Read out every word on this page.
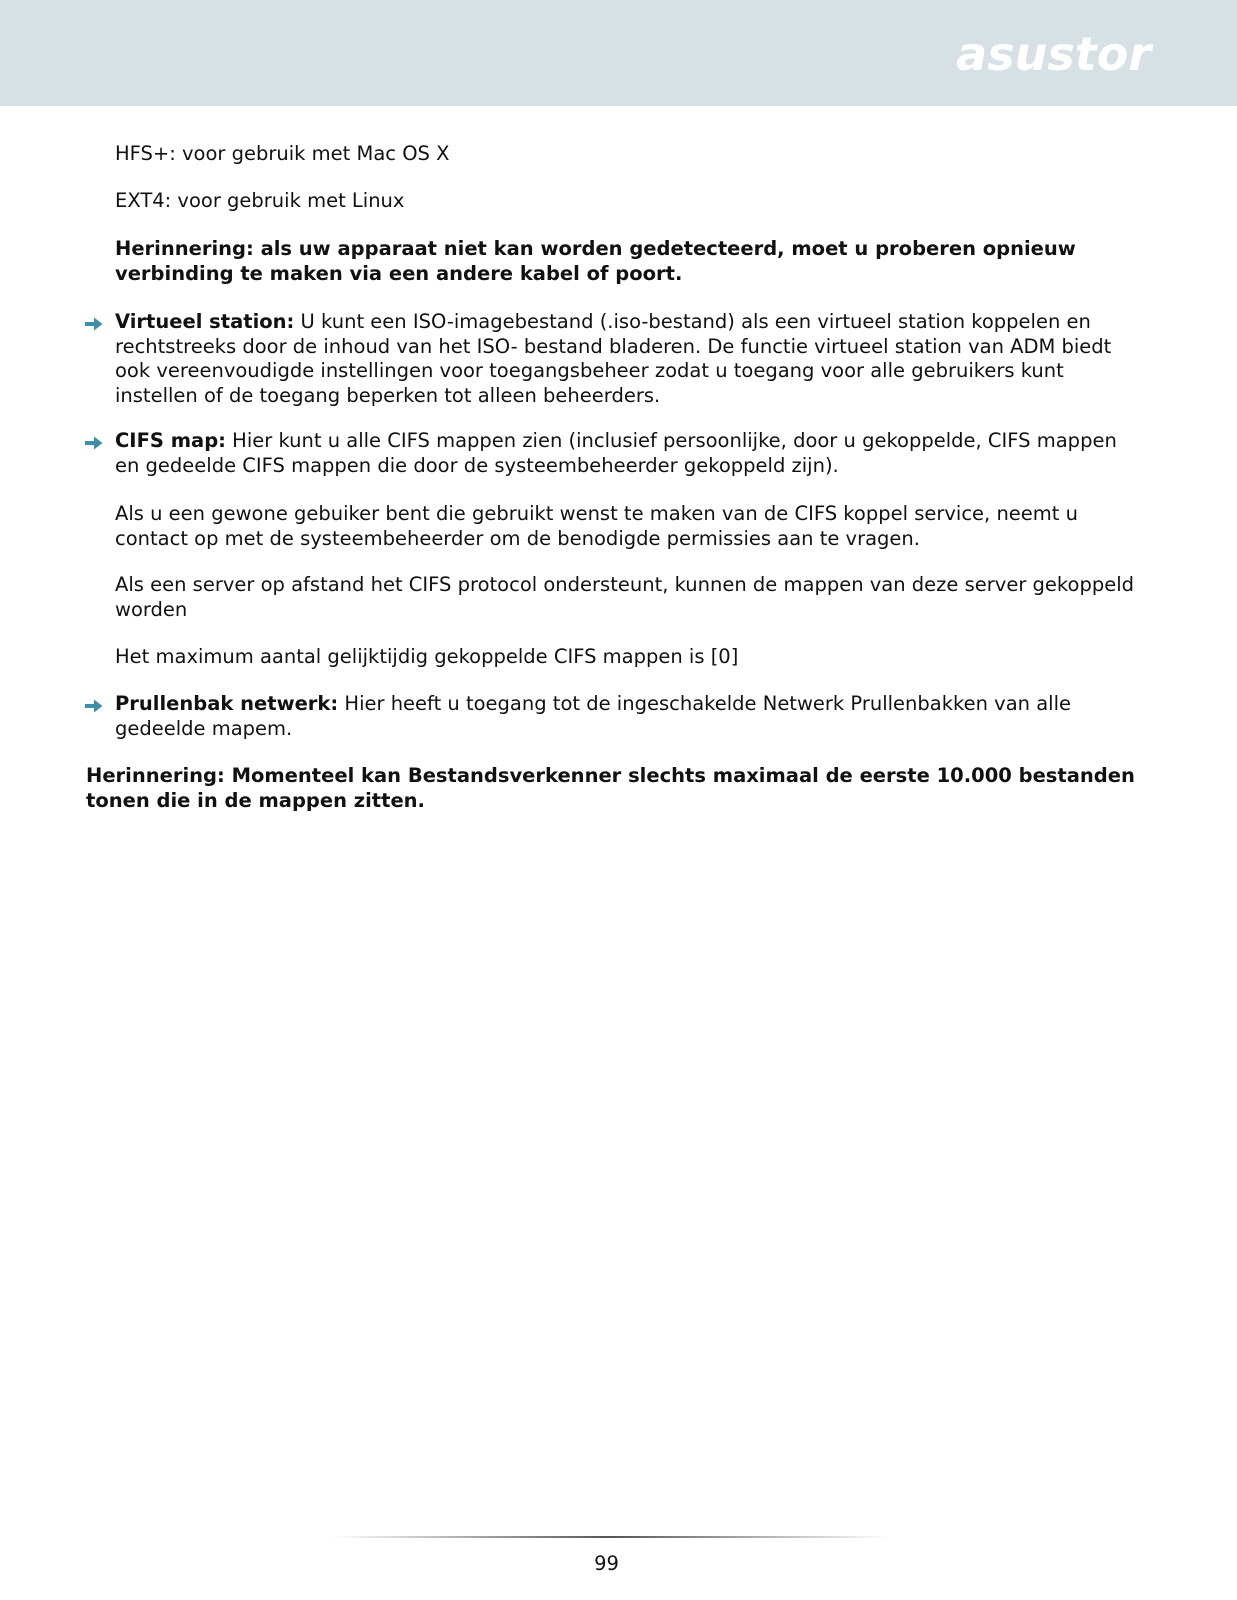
asustor

HFS+: voor gebruik met Mac OS X

EXT4: voor gebruik met Linux

Herinnering: als uw apparaat niet kan worden gedetecteerd, moet u proberen opnieuw verbinding te maken via een andere kabel of poort.

Virtueel station: U kunt een ISO-imagebestand (.iso-bestand) als een virtueel station koppelen en rechtstreeks door de inhoud van het ISO- bestand bladeren. De functie virtueel station van ADM biedt ook vereenvoudigde instellingen voor toegangsbeheer zodat u toegang voor alle gebruikers kunt instellen of de toegang beperken tot alleen beheerders.

CIFS map: Hier kunt u alle CIFS mappen zien (inclusief persoonlijke, door u gekoppelde, CIFS mappen en gedeelde CIFS mappen die door de systeembeheerder gekoppeld zijn).

Als u een gewone gebuiker bent die gebruikt wenst te maken van de CIFS koppel service, neemt u contact op met de systeembeheerder om de benodigde permissies aan te vragen.

Als een server op afstand het CIFS protocol ondersteunt, kunnen de mappen van deze server gekoppeld worden

Het maximum aantal gelijktijdig gekoppelde CIFS mappen is [0]

Prullenbak netwerk: Hier heeft u toegang tot de ingeschakelde Netwerk Prullenbakken van alle gedeelde mapem.

Herinnering: Momenteel kan Bestandsverkenner slechts maximaal de eerste 10.000 bestanden tonen die in de mappen zitten.

99
